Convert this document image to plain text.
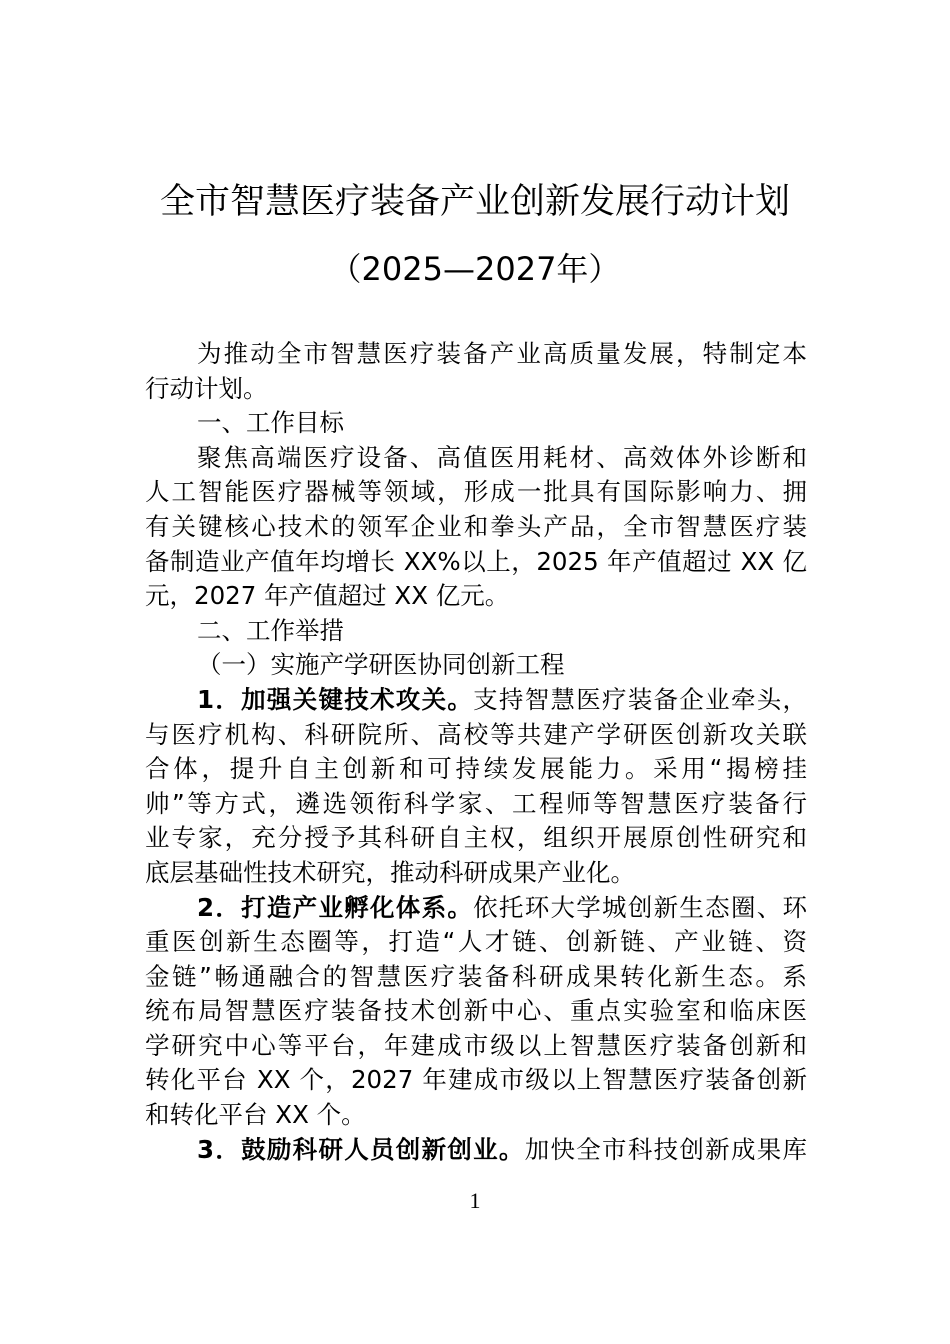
全市智慧医疗装备产业创新发展行动计划
（2025—2027年）
为推动全市智慧医疗装备产业高质量发展，特制定本
行动计划。
一、工作目标
聚焦高端医疗设备、高值医用耗材、高效体外诊断和
人工智能医疗器械等领域，形成一批具有国际影响力、拥
有关键核心技术的领军企业和拳头产品，全市智慧医疗装
备制造业产值年均增长 XX%以上，2025 年产值超过 XX 亿
元，2027 年产值超过 XX 亿元。
二、工作举措
（一）实施产学研医协同创新工程
1．加强关键技术攻关。支持智慧医疗装备企业牵头，
与医疗机构、科研院所、高校等共建产学研医创新攻关联
合体，提升自主创新和可持续发展能力。采用“揭榜挂
帅”等方式，遴选领衔科学家、工程师等智慧医疗装备行
业专家，充分授予其科研自主权，组织开展原创性研究和
底层基础性技术研究，推动科研成果产业化。
2．打造产业孵化体系。依托环大学城创新生态圈、环
重医创新生态圈等，打造“人才链、创新链、产业链、资
金链”畅通融合的智慧医疗装备科研成果转化新生态。系
统布局智慧医疗装备技术创新中心、重点实验室和临床医
学研究中心等平台，年建成市级以上智慧医疗装备创新和
转化平台 XX 个，2027 年建成市级以上智慧医疗装备创新
和转化平台 XX 个。
3．鼓励科研人员创新创业。加快全市科技创新成果库
1
